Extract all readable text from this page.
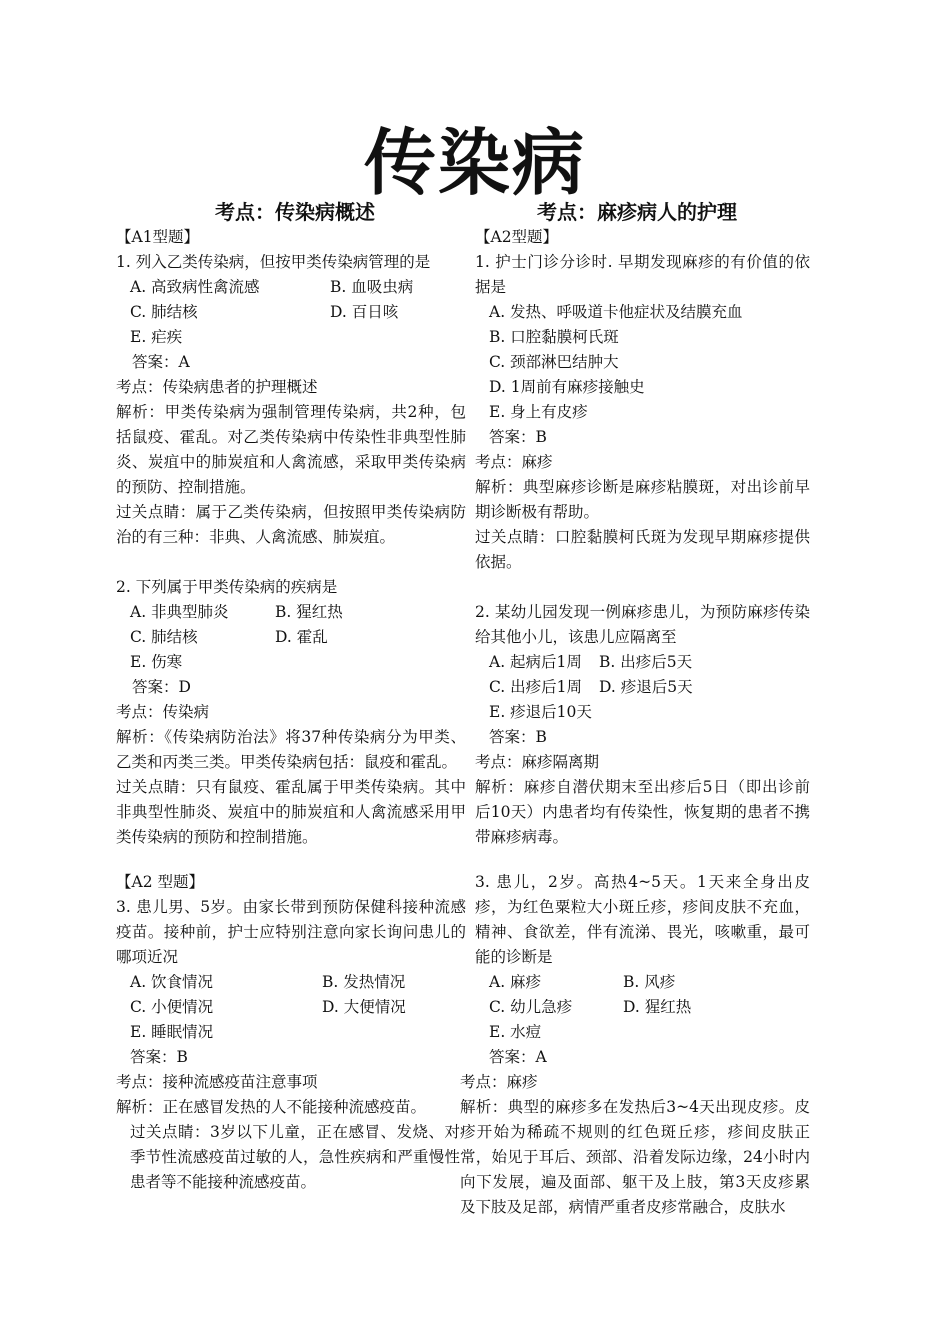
传染病
考点：传染病概述	考点：麻疹病人的护理
【A1型题】
1. 列入乙类传染病，但按甲类传染病管理的是
A. 高致病性禽流感	B. 血吸虫病
C. 肺结核	D. 百日咳
E. 疟疾
答案：A
考点：传染病患者的护理概述
解析：甲类传染病为强制管理传染病，共2种，包括鼠疫、霍乱。对乙类传染病中传染性非典型性肺炎、炭疽中的肺炭疽和人禽流感，采取甲类传染病的预防、控制措施。
过关点睛：属于乙类传染病，但按照甲类传染病防治的有三种：非典、人禽流感、肺炭疽。
2. 下列属于甲类传染病的疾病是
A. 非典型肺炎	B. 猩红热
C. 肺结核	D. 霍乱
E. 伤寒
答案：D
考点：传染病
解析：《传染病防治法》将37种传染病分为甲类、乙类和丙类三类。甲类传染病包括：鼠疫和霍乱。
过关点睛：只有鼠疫、霍乱属于甲类传染病。其中非典型性肺炎、炭疽中的肺炭疽和人禽流感采用甲类传染病的预防和控制措施。
【A2型题】
1. 护士门诊分诊时. 早期发现麻疹的有价值的依据是
A. 发热、呼吸道卡他症状及结膜充血
B. 口腔黏膜柯氏斑
C. 颈部淋巴结肿大
D. 1周前有麻疹接触史
E. 身上有皮疹
答案：B
考点：麻疹
解析：典型麻疹诊断是麻疹粘膜斑，对出诊前早期诊断极有帮助。
过关点睛：口腔黏膜柯氏斑为发现早期麻疹提供依据。
2. 某幼儿园发现一例麻疹患儿，为预防麻疹传染给其他小儿，该患儿应隔离至
A. 起病后1周 B. 出疹后5天
C. 出疹后1周 D. 疹退后5天
E. 疹退后10天
答案：B
考点：麻疹隔离期
解析：麻疹自潜伏期末至出疹后5日（即出诊前后10天）内患者均有传染性，恢复期的患者不携带麻疹病毒。
【A2 型题】
3. 患儿男、5岁。由家长带到预防保健科接种流感疫苗。接种前，护士应特别注意向家长询问患儿的哪项近况
A. 饮食情况	B. 发热情况
C. 小便情况	D. 大便情况
E. 睡眠情况
答案：B
考点：接种流感疫苗注意事项
解析：正在感冒发热的人不能接种流感疫苗。
过关点睛：3岁以下儿童，正在感冒、发烧、对季节性流感疫苗过敏的人，急性疾病和严重慢性患者等不能接种流感疫苗。
3. 患儿，2岁。高热4~5天。1天来全身出皮疹，为红色粟粒大小斑丘疹，疹间皮肤不充血，精神、食欲差，伴有流涕、畏光，咳嗽重，最可能的诊断是
A. 麻疹	B. 风疹
C. 幼儿急疹	D. 猩红热
E. 水痘
答案：A
考点：麻疹
解析：典型的麻疹多在发热后3~4天出现皮疹。皮疹开始为稀疏不规则的红色斑丘疹，疹间皮肤正常，始见于耳后、颈部、沿着发际边缘，24小时内向下发展，遍及面部、躯干及上肢，第3天皮疹累及下肢及足部，病情严重者皮疹常融合，皮肤水
